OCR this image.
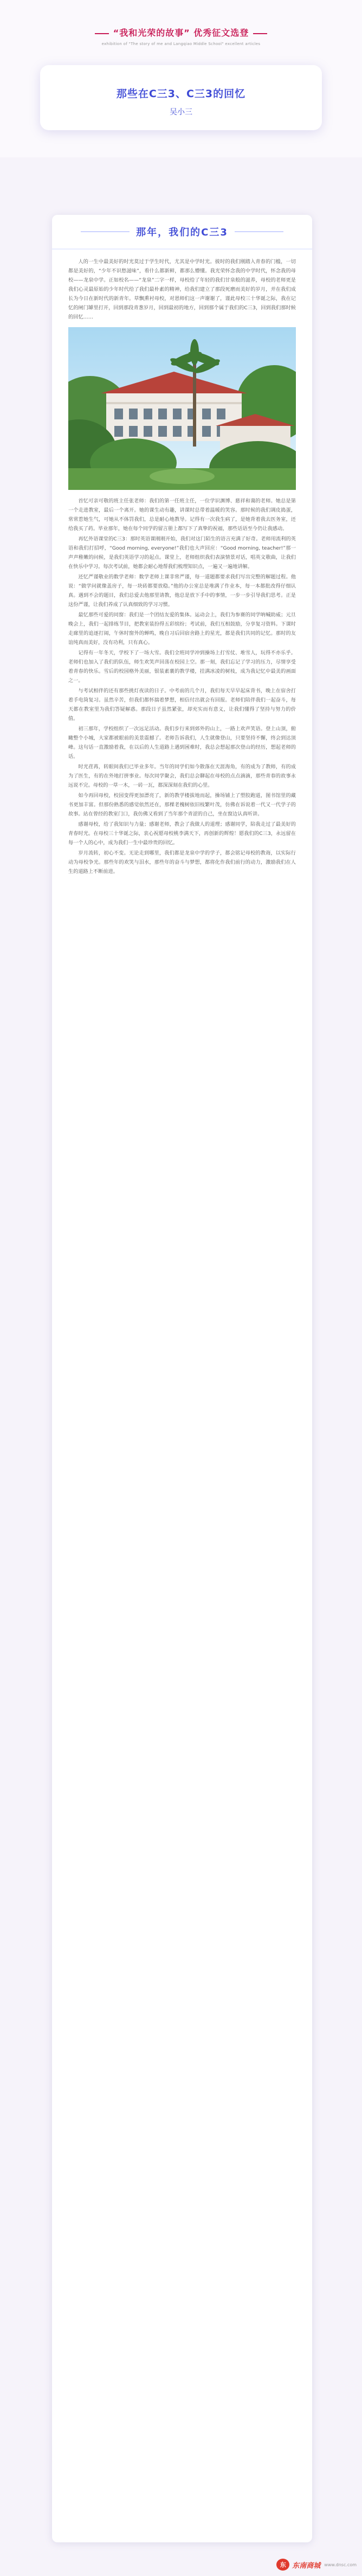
“我和光荣的故事” 优秀征文选登
exhibition of "The story of me and Langqiao Middle School" excellent articles
那些在C三3、C三3的回忆
吴小三
那年，我们的C三3

人的一生中最美好的时光莫过于学生时代，尤其是中学时光。彼时的我们刚踏入青春的门槛，一切都是美好的，“少年不识愁滋味”，看什么都新鲜，都那么懵懂。我光荣怀念我的中学时代，怀念我的母校——龙泉中学。正如校名——“龙泉”二字一样，母校给了年轻的我们甘泉般的滋养，母校的老师更是我们心灵最原始的少年时代给了我们最朴素的精神，给我们建立了那段死磨而美好的岁月，并在我们成长为今日在新时代的新青年。草飘熏衬母校，对恩师们这一声谢谢了，谨此母校三十华诞之际，我在记忆的闸门罅里打开，回到那段青葱岁月，回到最初的地方，回到那个属于我们的C三3，回到我们那时候的回忆……

首忆可亲可敬的班主任张老师：我们的第一任班主任，一位学识渊博、慈祥和蔼的老师。她总是第一个走进教室，最后一个离开。她的课生动有趣，讲课时总带着温暖的笑容。那时候的我们调皮捣蛋，常常惹她生气，可她从不体罚我们，总是耐心地教导。记得有一次我生病了，是她背着我去医务室，还给我买了药。毕业那年，她在每个同学的留言册上都写下了真挚的祝福，那些话语至今仍让我感动。

再忆外语课堂的C三3：那时英语课刚刚开始，我们对这门陌生的语言充满了好奇。老师用流利的英语和我们打招呼，“Good morning, everyone!”我们也大声回应：“Good morning, teacher!”那一声声稚嫩的问候，是我们英语学习的起点。课堂上，老师组织我们表演情景对话，唱英文歌曲，让我们在快乐中学习。每次考试前，她都会耐心地帮我们梳理知识点，一遍又一遍地讲解。

还忆严谨敬业的数学老师：数学老师上课非常严谨，每一道题都要求我们写出完整的解题过程。他说：“做学问就像盖房子，每一块砖都要放稳。”他的办公室总是堆满了作业本，每一本都批改得仔细认真。遇到不会的题目，我们总爱去他那里请教，他总是放下手中的事情，一步一步引导我们思考。正是这份严谨，让我们养成了认真细致的学习习惯。

最忆那些可爱的同窗：我们是一个团结友爱的集体。运动会上，我们为参赛的同学呐喊助威；元旦晚会上，我们一起排练节目，把教室装扮得五彩缤纷；考试前，我们互相鼓励，分享复习资料。下课时走廊里的追逐打闹，午休时窗外的蝉鸣，晚自习后回宿舍路上的星光，都是我们共同的记忆。那时的友谊纯真而美好，没有功利，只有真心。

记得有一年冬天，学校下了一场大雪。我们全班同学冲到操场上打雪仗、堆雪人，玩得不亦乐乎。老师们也加入了我们的队伍，师生欢笑声回荡在校园上空。那一刻，我们忘记了学习的压力，尽情享受着青春的快乐。雪后的校园格外美丽，银装素裹的教学楼，挂满冰凌的树枝，成为我记忆中最美的画面之一。

与考试相伴的还有那些挑灯夜读的日子。中考前的几个月，我们每天早早起床背书，晚上在宿舍打着手电筒复习。虽然辛苦，但我们都怀揣着梦想，相信付出就会有回报。老师们陪伴我们一起奋斗，每天都在教室里为我们答疑解惑。那段日子虽然紧张，却充实而有意义，让我们懂得了坚持与努力的价值。

初三那年，学校组织了一次远足活动。我们步行来到郊外的山上，一路上欢声笑语。登上山顶，俯瞰整个小城，大家都被眼前的美景震撼了。老师告诉我们，人生就像登山，只要坚持不懈，终会到达顶峰。这句话一直激励着我，在以后的人生道路上遇到困难时，我总会想起那次登山的经历，想起老师的话。

时光荏苒，转眼间我们已毕业多年。当年的同学们如今散落在天涯海角，有的成为了教师，有的成为了医生，有的在外地打拼事业。每次同学聚会，我们总会聊起在母校的点点滴滴，那些青春的故事永远说不完。母校的一草一木，一砖一瓦，都深深刻在我们的心里。

如今再回母校，校园变得更加漂亮了，新的教学楼拔地而起，操场铺上了塑胶跑道，图书馆里的藏书更加丰富。但那份熟悉的感觉依然还在，那棵老槐树依旧枝繁叶茂，仿佛在诉说着一代又一代学子的故事。站在曾经的教室门口，我仿佛又看到了当年那个青涩的自己，坐在窗边认真听讲。

感谢母校，给了我知识与力量；感谢老师，教会了我做人的道理；感谢同学，陪我走过了最美好的青春时光。在母校三十华诞之际，衷心祝愿母校桃李满天下，再创新的辉煌！愿我们的C三3，永远留在每一个人的心中，成为我们一生中最珍贵的回忆。

岁月流转，初心不变。无论走到哪里，我们都是龙泉中学的学子，都会铭记母校的教诲，以实际行动为母校争光。那些年的欢笑与泪水，那些年的奋斗与梦想，都将化作我们前行的动力，激励我们在人生的道路上不断前进。

东 东南商城 www.dnsc.com
